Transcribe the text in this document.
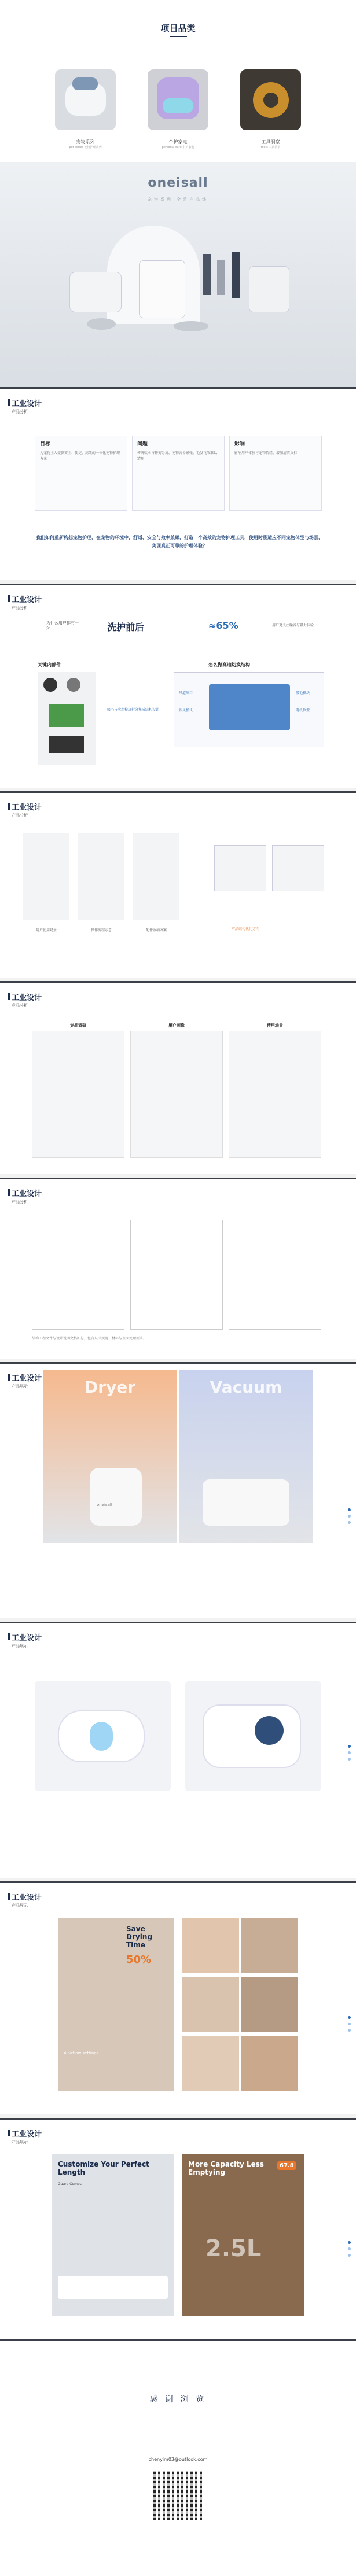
项目品类
宠物系列
pet series 宠物护理系列
个护家电
personal care 个护家电
工具洞察
tools 工具洞察
oneisall
宠物系列 全系产品线
工业设计
产品分析
目标
为宠物主人提供安全、便捷、高效的一体化宠物护理方案
问题
传统吹水与修剪分离，宠物容易紧张，毛发飞散难以清理
影响
影响用户体验与宠物情绪，增加清洁负担
我们如何重新构想宠物护理，在宠物的环境中，舒适、安全与效率兼顾，打造一个高效的宠物护理工具，使用时能适应不同宠物体型与场景，实现真正可靠的护理体验？
工业设计
产品分析
为什么用户都有一种	洗护前后	≈65%	用户更关注噪音与吸力体验
关键内部件
吸毛与吹水模块拆分集成结构设计
怎么做高速切换结构
风道出口
吹风模块
吸毛模块
电机位置
工业设计
产品分析
用户使用场景	操作流程示意	配件收纳方案	产品结构优化方向
工业设计
竞品分析
竞品调研	用户画像	使用场景
工业设计
产品分析
结构工程文件与设计说明文档汇总，包含尺寸规范、材料与表面处理要求。
工业设计
产品展示	Dryer
oneisall
Vacuum
工业设计
产品展示
工业设计
产品展示
Save Drying Time
50%
4 airflow settings
工业设计
产品展示
Customize Your Perfect Length
Guard Combs
More Capacity Less Emptying
67.8
2.5L
感 谢 浏 览
chenyim03@outlook.com
